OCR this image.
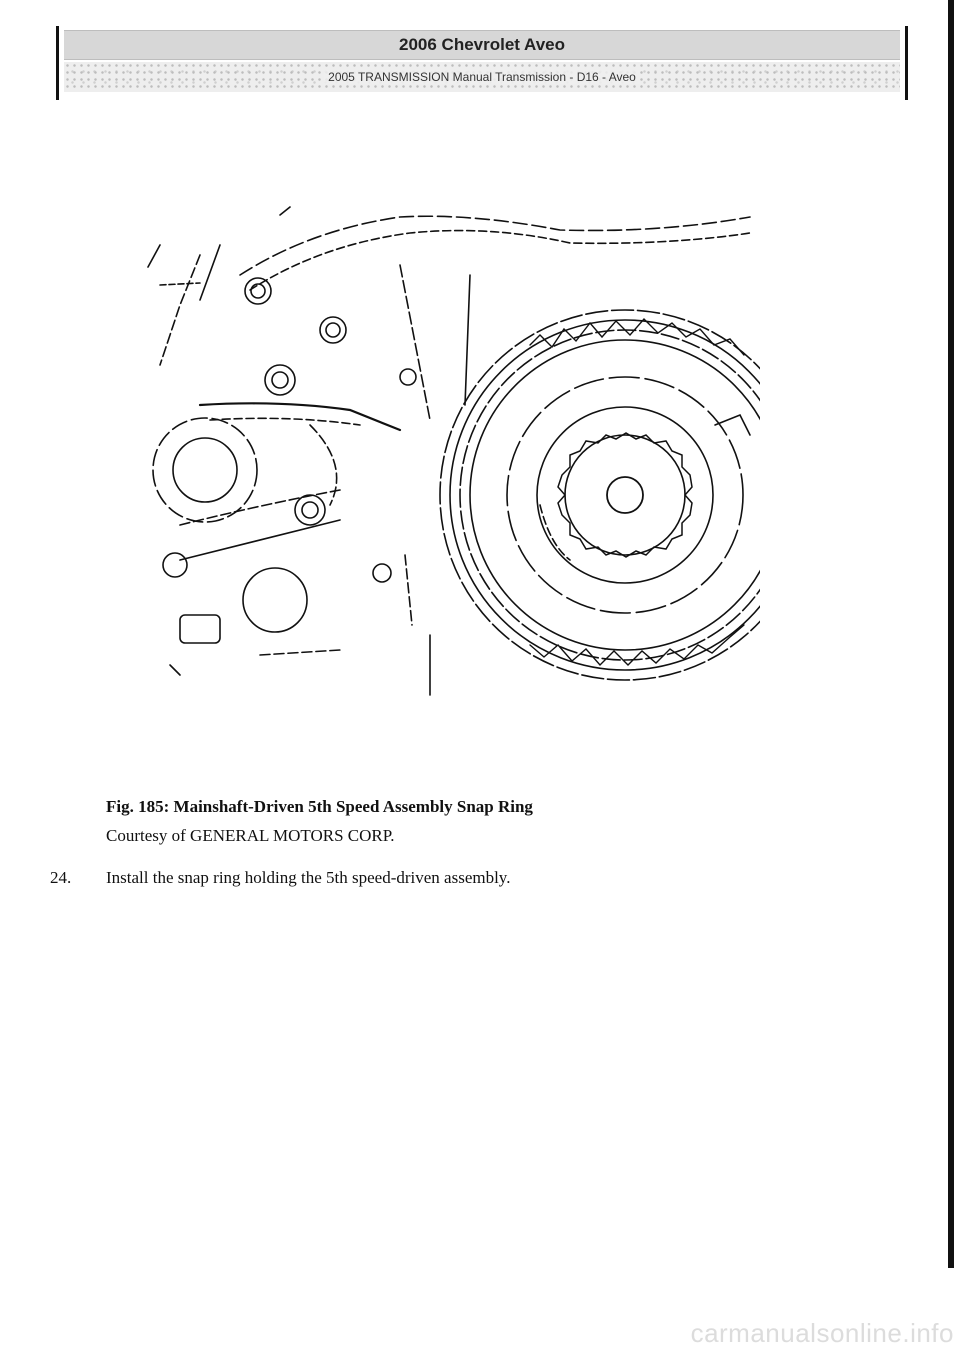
2006 Chevrolet Aveo
2005 TRANSMISSION Manual Transmission - D16 - Aveo
Fig. 185: Mainshaft-Driven 5th Speed Assembly Snap Ring
Courtesy of GENERAL MOTORS CORP.
24. Install the snap ring holding the 5th speed-driven assembly.
carmanualsonline.info
